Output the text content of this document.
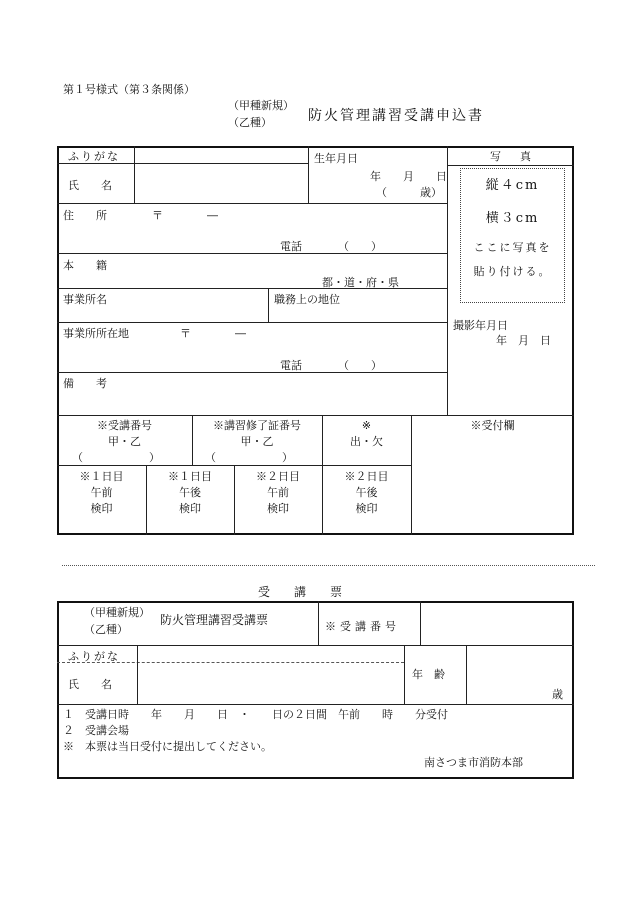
第１号様式（第３条関係）
（甲種新規）
（乙種）	防火管理講習受講申込書
ふりがな
氏　　名
生年月日
年　　月　　日
（　　　歳）
写　真
縦４cm
横３cm
ここに写真を
貼り付ける。
撮影年月日
年　月　日
住　　所	〒　　　　―
電話	（　　）
本　　籍
都・道・府・県
事業所名	職務上の地位
事業所所在地	〒　　　　―
電話	（　　）
備　　考
※受講番号
甲・乙
（　　　　　　）
※講習修了証番号
甲・乙
（　　　　　　）
※
出・欠
※受付欄
※１日目
午前
検印
※１日目
午後
検印
※２日目
午前
検印
※２日目
午後
検印
受　　講　　票
（甲種新規）
（乙種）
防火管理講習受講票	※受講番号
ふりがな
氏　　名
年　齢
歳
１　受講日時　　年　　月　　日　・　　日の２日間　午前　　時　　分受付
２　受講会場
※　本票は当日受付に提出してください。
南さつま市消防本部
